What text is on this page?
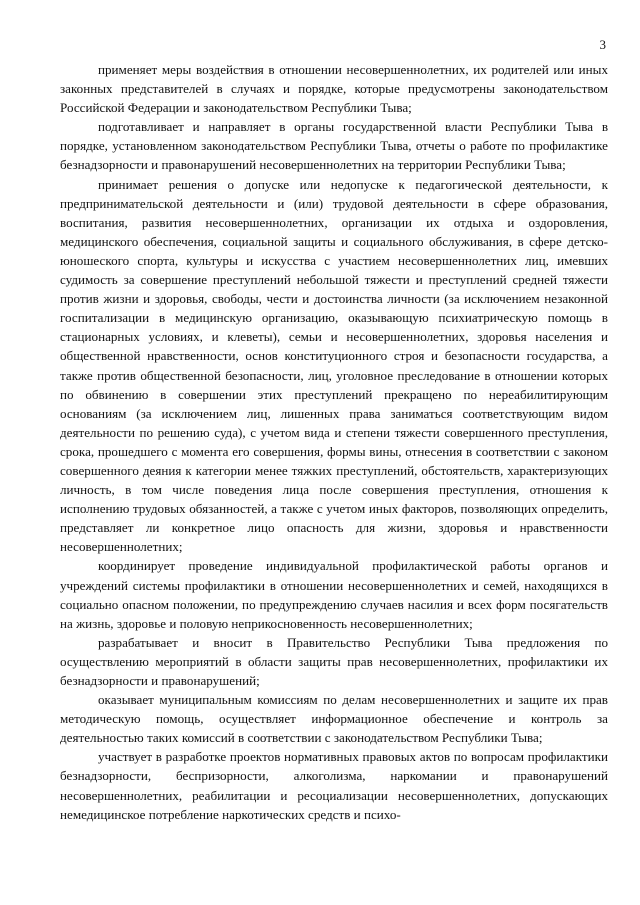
3

применяет меры воздействия в отношении несовершеннолетних, их родителей или иных законных представителей в случаях и порядке, которые предусмотрены законодательством Российской Федерации и законодательством Республики Тыва;

подготавливает и направляет в органы государственной власти Республики Тыва в порядке, установленном законодательством Республики Тыва, отчеты о работе по профилактике безнадзорности и правонарушений несовершеннолетних на территории Республики Тыва;

принимает решения о допуске или недопуске к педагогической деятельности, к предпринимательской деятельности и (или) трудовой деятельности в сфере образования, воспитания, развития несовершеннолетних, организации их отдыха и оздоровления, медицинского обеспечения, социальной защиты и социального обслуживания, в сфере детско-юношеского спорта, культуры и искусства с участием несовершеннолетних лиц, имевших судимость за совершение преступлений небольшой тяжести и преступлений средней тяжести против жизни и здоровья, свободы, чести и достоинства личности (за исключением незаконной госпитализации в медицинскую организацию, оказывающую психиатрическую помощь в стационарных условиях, и клеветы), семьи и несовершеннолетних, здоровья населения и общественной нравственности, основ конституционного строя и безопасности государства, а также против общественной безопасности, лиц, уголовное преследование в отношении которых по обвинению в совершении этих преступлений прекращено по нереабилитирующим основаниям (за исключением лиц, лишенных права заниматься соответствующим видом деятельности по решению суда), с учетом вида и степени тяжести совершенного преступления, срока, прошедшего с момента его совершения, формы вины, отнесения в соответствии с законом совершенного деяния к категории менее тяжких преступлений, обстоятельств, характеризующих личность, в том числе поведения лица после совершения преступления, отношения к исполнению трудовых обязанностей, а также с учетом иных факторов, позволяющих определить, представляет ли конкретное лицо опасность для жизни, здоровья и нравственности несовершеннолетних;

координирует проведение индивидуальной профилактической работы органов и учреждений системы профилактики в отношении несовершеннолетних и семей, находящихся в социально опасном положении, по предупреждению случаев насилия и всех форм посягательств на жизнь, здоровье и половую неприкосновенность несовершеннолетних;

разрабатывает и вносит в Правительство Республики Тыва предложения по осуществлению мероприятий в области защиты прав несовершеннолетних, профилактики их безнадзорности и правонарушений;

оказывает муниципальным комиссиям по делам несовершеннолетних и защите их прав методическую помощь, осуществляет информационное обеспечение и контроль за деятельностью таких комиссий в соответствии с законодательством Республики Тыва;

участвует в разработке проектов нормативных правовых актов по вопросам профилактики безнадзорности, беспризорности, алкоголизма, наркомании и правонарушений несовершеннолетних, реабилитации и ресоциализации несовершеннолетних, допускающих немедицинское потребление наркотических средств и психо-
